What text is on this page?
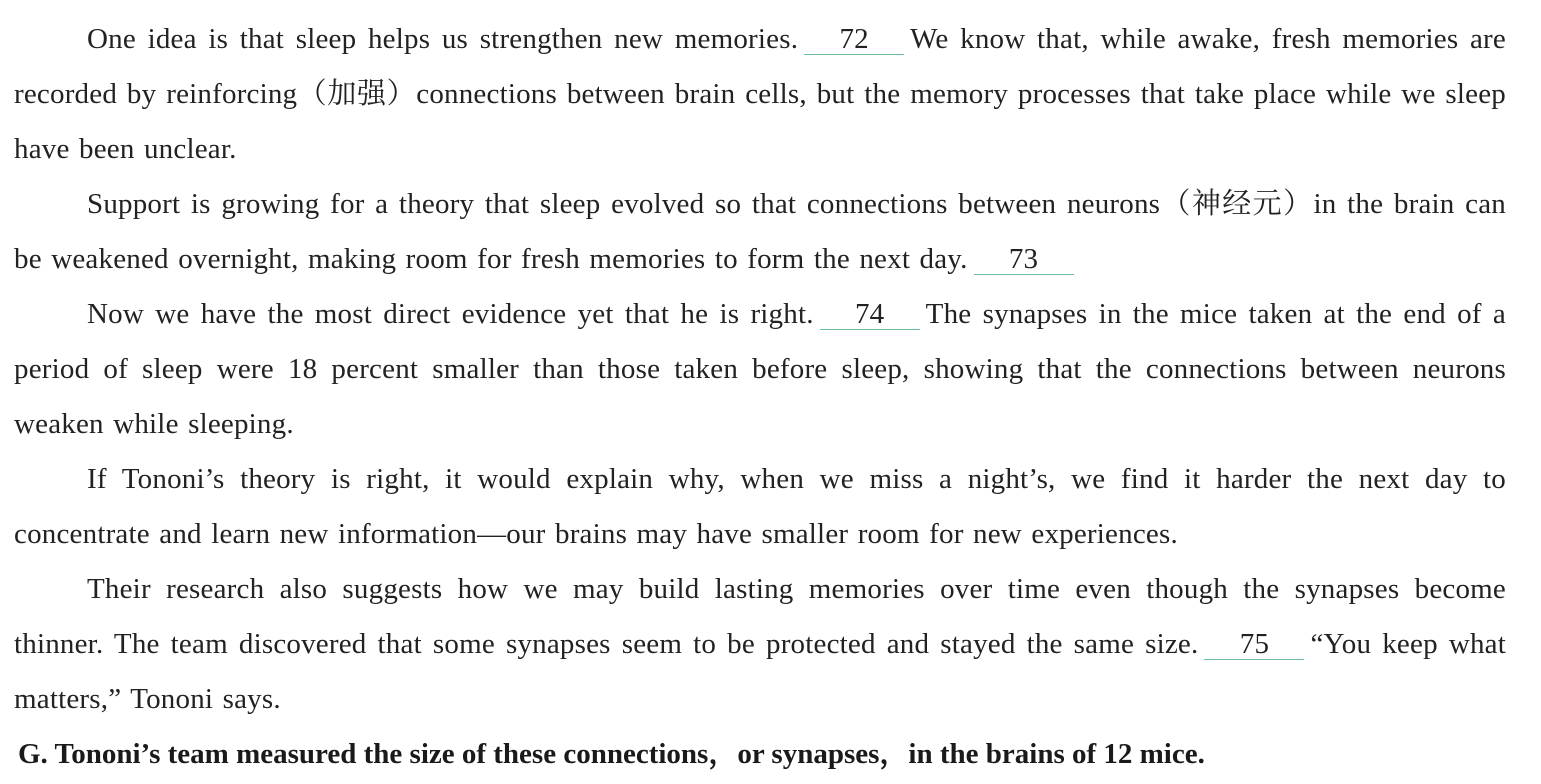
One idea is that sleep helps us strengthen new memories. 72 We know that, while awake, fresh memories are recorded by reinforcing（加强）connections between brain cells, but the memory processes that take place while we sleep have been unclear.

Support is growing for a theory that sleep evolved so that connections between neurons（神经元）in the brain can be weakened overnight, making room for fresh memories to form the next day. 73

Now we have the most direct evidence yet that he is right. 74 The synapses in the mice taken at the end of a period of sleep were 18 percent smaller than those taken before sleep, showing that the connections between neurons weaken while sleeping.

If Tononi’s theory is right, it would explain why, when we miss a night’s, we find it harder the next day to concentrate and learn new information—our brains may have smaller room for new experiences.

Their research also suggests how we may build lasting memories over time even though the synapses become thinner. The team discovered that some synapses seem to be protected and stayed the same size. 75 “You keep what matters,” Tononi says.

G. Tononi’s team measured the size of these connections，or synapses，in the brains of 12 mice.
